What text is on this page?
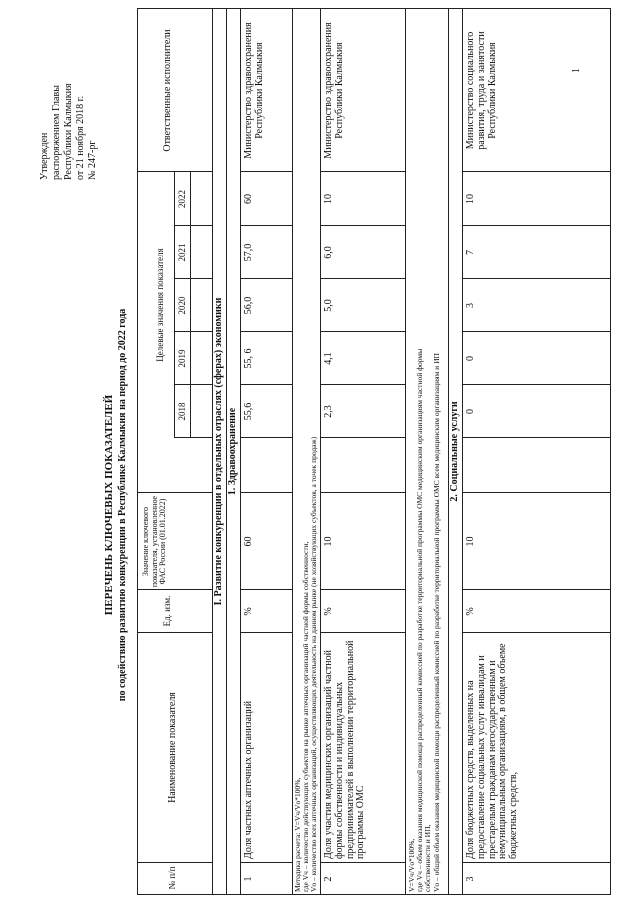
Утвержден распоряжением Главы Республики Калмыкия от 21 ноября 2018 г. № 247-рг
1
ПЕРЕЧЕНЬ КЛЮЧЕВЫХ ПОКАЗАТЕЛЕЙ по содействию развитию конкуренции в Республике Калмыкия на период до 2022 года
№ п/п
Наименование показателя
Ед. изм.
Значение ключевого показателя, установленное ФАС России (01.01.2022)
Целевые значения показателя
2018
2019
2020
2021
2022
Ответственные исполнители
I. Развитие конкуренции в отдельных отраслях (сферах) экономики 1. Здравоохранение
1
Доля частных аптечных организаций
%
60
55,6
55, 6
56,0
57,0
60
Министерство здравоохранения Республики Калмыкия
Методика расчета: V=Vч/Vо*100%, где Vч – количество действующих субъектов на рынке аптечных организаций частной формы собственности, Vо – количество всех аптечных организаций, осуществляющих деятельность на данном рынке (не хозяйствующих субъектов, а точек продаж) 2
Доля участия медицинских организаций частной формы собственности и индивидуальных предпринимателей в выполнении территориальной программы ОМС
%
10
2,3
4,1
5,0
6,0
10
Министерство здравоохранения Республики Калмыкия
V=Vч/Vо*100%, где Vч – объем оказания медицинской помощи распределенный комиссией по разработке территориальной программы ОМС медицинским организациям частной формы собственности и ИП, Vо – общий объем оказания медицинской помощи распределенный комиссией по разработке территориальной программы ОМС всем медицинским организациям и ИП 2. Социальные услуги
3
Доля бюджетных средств, выделенных на предоставление социальных услуг инвалидам и престарелым гражданам негосударственным и немуниципальным организациям, в общем объеме бюджетных средств,
%
10
0
0
3
7
10
Министерство социального развития, труда и занятости Республики Калмыкия
